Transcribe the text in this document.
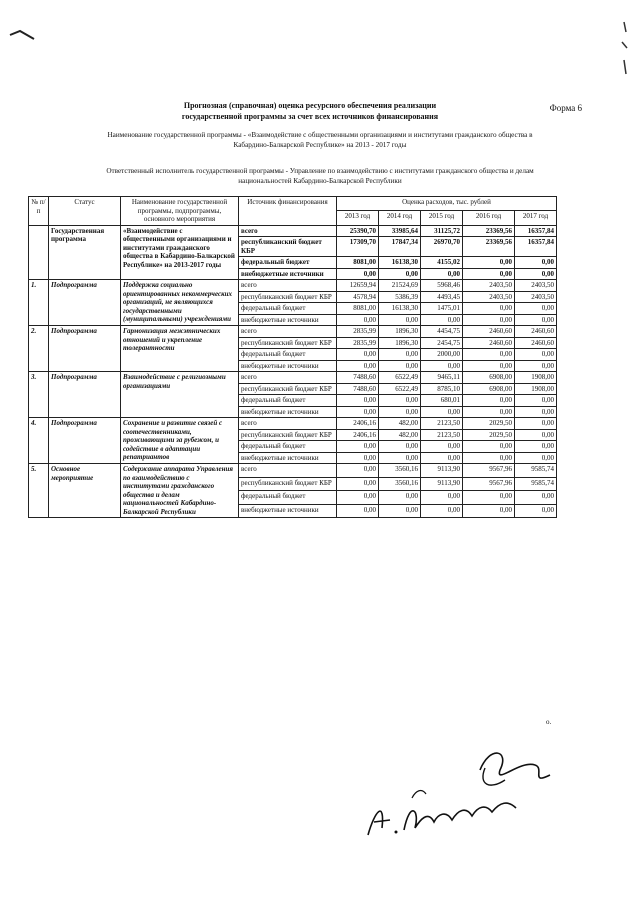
Форма 6
Прогнозная (справочная) оценка ресурсного обеспечения реализации
государственной программы за счет всех источников финансирования
Наименование государственной программы - «Взаимодействие с общественными организациями и институтами гражданского общества в
Кабардино-Балкарской Республике» на 2013 - 2017 годы
Ответственный исполнитель государственной программы - Управление по взаимодействию с институтами гражданского общества и делам
национальностей Кабардино-Балкарской Республики
№ п/п	Статус	Наименование государственной программы, подпрограммы, основного мероприятия	Источник финансирования	Оценка расходов, тыс. рублей				
				2013 год	2014 год	2015 год	2016 год	2017 год
	Государственная программа	«Взаимодействие с общественными организациями и институтами гражданского общества в Кабардино-Балкарской Республике» на 2013-2017 годы	всего	25390,70	33985,64	31125,72	23369,56	16357,84
			республиканский бюджет КБР	17309,70	17847,34	26970,70	23369,56	16357,84
			федеральный бюджет	8081,00	16138,30	4155,02	0,00	0,00
			внебюджетные источники	0,00	0,00	0,00	0,00	0,00
1.	Подпрограмма	Поддержка социально ориентированных некоммерческих организаций, не являющихся государственными (муниципальными) учреждениями	всего	12659,94	21524,69	5968,46	2403,50	2403,50
			республиканский бюджет КБР	4578,94	5386,39	4493,45	2403,50	2403,50
			федеральный бюджет	8081,00	16138,30	1475,01	0,00	0,00
			внебюджетные источники	0,00	0,00	0,00	0,00	0,00
2.	Подпрограмма	Гармонизация межэтнических отношений и укрепление толерантности	всего	2835,99	1896,30	4454,75	2460,60	2460,60
			республиканский бюджет КБР	2835,99	1896,30	2454,75	2460,60	2460,60
			федеральный бюджет	0,00	0,00	2000,00	0,00	0,00
			внебюджетные источники	0,00	0,00	0,00	0,00	0,00
3.	Подпрограмма	Взаимодействие с религиозными организациями	всего	7488,60	6522,49	9465,11	6908,00	1908,00
			республиканский бюджет КБР	7488,60	6522,49	8785,10	6908,00	1908,00
			федеральный бюджет	0,00	0,00	680,01	0,00	0,00
			внебюджетные источники	0,00	0,00	0,00	0,00	0,00
4.	Подпрограмма	Сохранение и развитие связей с соотечественниками, проживающими за рубежом, и содействие в адаптации репатриантов	всего	2406,16	482,00	2123,50	2029,50	0,00
			республиканский бюджет КБР	2406,16	482,00	2123,50	2029,50	0,00
			федеральный бюджет	0,00	0,00	0,00	0,00	0,00
			внебюджетные источники	0,00	0,00	0,00	0,00	0,00
5.	Основное мероприятие	Содержание аппарата Управления по взаимодействию с институтами гражданского общества и делам национальностей Кабардино-Балкарской Республики	всего	0,00	3560,16	9113,90	9567,96	9585,74
			республиканский бюджет КБР	0,00	3560,16	9113,90	9567,96	9585,74
			федеральный бюджет	0,00	0,00	0,00	0,00	0,00
			внебюджетные источники	0,00	0,00	0,00	0,00	0,00
о.
